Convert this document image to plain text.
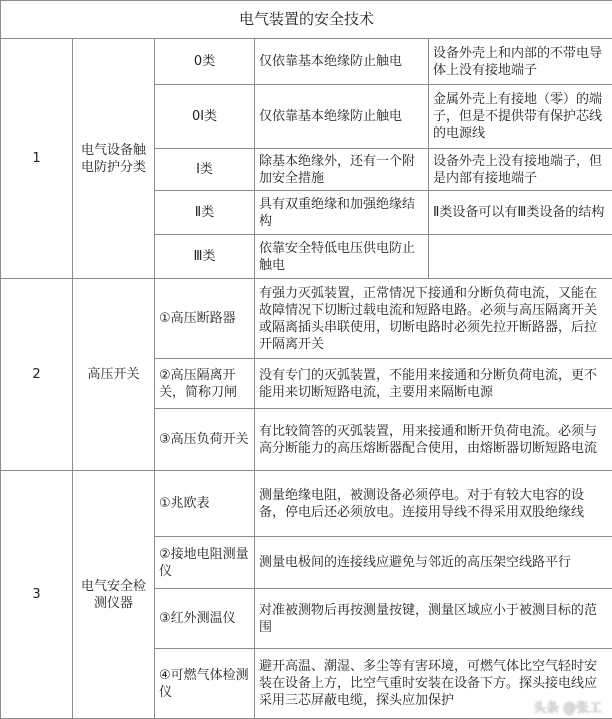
电气装置的安全技术				
1	电气设备触电防护分类	0类	仅依靠基本绝缘防止触电	设备外壳上和内部的不带电导体上没有接地端子
		0Ⅰ类	仅依靠基本绝缘防止触电	金属外壳上有接地（零）的端子，但是不提供带有保护芯线的电源线
		Ⅰ类	除基本绝缘外，还有一个附加安全措施	设备外壳上没有接地端子，但是内部有接地端子
		Ⅱ类	具有双重绝缘和加强绝缘结构	Ⅱ类设备可以有Ⅲ类设备的结构
		Ⅲ类	依靠安全特低电压供电防止触电	
2	高压开关	①高压断路器	有强力灭弧装置，正常情况下接通和分断负荷电流，又能在故障情况下切断过载电流和短路电路。必须与高压隔离开关或隔离插头串联使用，切断电路时必须先拉开断路器，后拉开隔离开关	
		②高压隔离开关，简称刀闸	没有专门的灭弧装置，不能用来接通和分断负荷电流，更不能用来切断短路电流，主要用来隔断电源	
		③高压负荷开关	有比较简答的灭弧装置，用来接通和断开负荷电流。必须与高分断能力的高压熔断器配合使用，由熔断器切断短路电流	
3	电气安全检测仪器	①兆欧表	测量绝缘电阻，被测设备必须停电。对于有较大电容的设备，停电后还必须放电。连接用导线不得采用双股绝缘线	
		②接地电阻测量仪	测量电极间的连接线应避免与邻近的高压架空线路平行	
		③红外测温仪	对准被测物后再按测量按键，测量区域应小于被测目标的范围	
		④可燃气体检测仪	避开高温、潮湿、多尘等有害环境，可燃气体比空气轻时安装在设备上方，比空气重时安装在设备下方。探头接电线应采用三芯屏蔽电缆，探头应加保护	
头条 @张工
